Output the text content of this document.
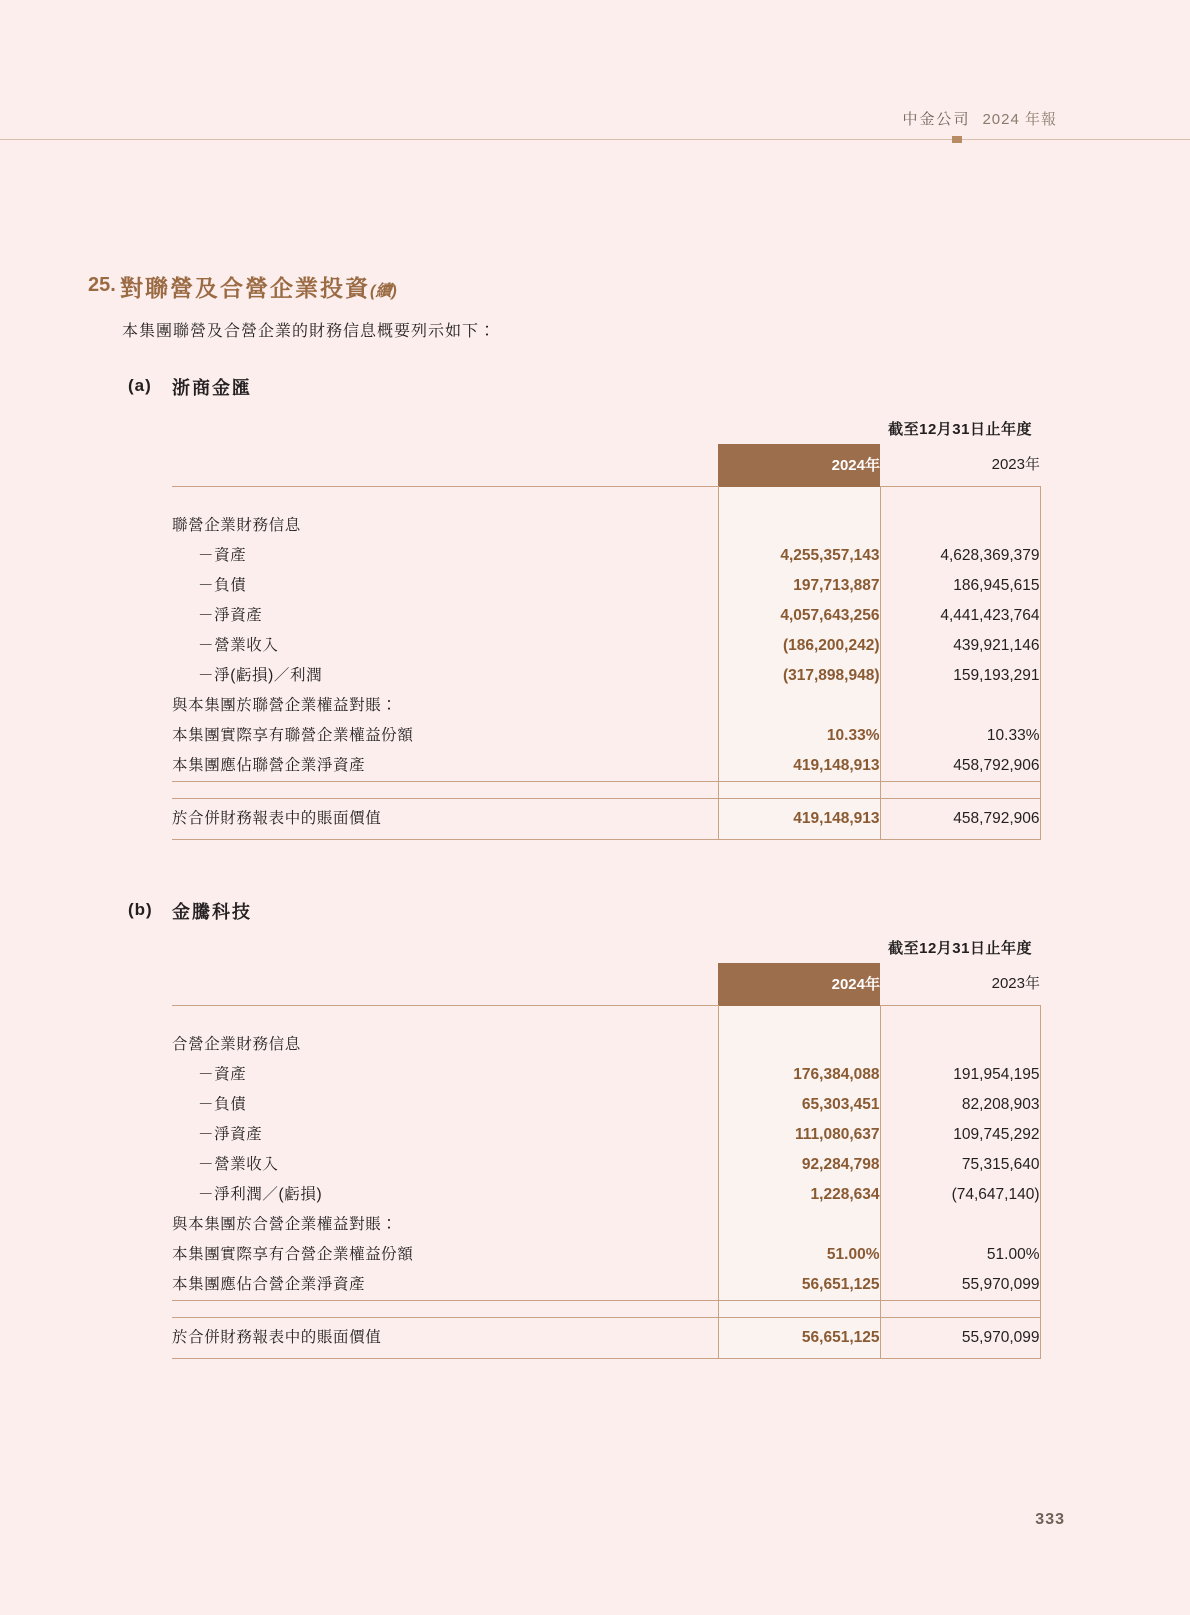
中金公司 2024 年報
25. 對聯營及合營企業投資(續)
本集團聯營及合營企業的財務信息概要列示如下：
(a) 浙商金匯
截至12月31日止年度
	2024年	2023年

聯營企業財務信息		
－資產	4,255,357,143	4,628,369,379
－負債	197,713,887	186,945,615
－淨資產	4,057,643,256	4,441,423,764
－營業收入	(186,200,242)	439,921,146
－淨(虧損)／利潤	(317,898,948)	159,193,291
與本集團於聯營企業權益對賬：		
本集團實際享有聯營企業權益份額	10.33%	10.33%
本集團應佔聯營企業淨資產	419,148,913	458,792,906

於合併財務報表中的賬面價值	419,148,913	458,792,906
(b) 金騰科技
截至12月31日止年度
	2024年	2023年

合營企業財務信息		
－資產	176,384,088	191,954,195
－負債	65,303,451	82,208,903
－淨資產	111,080,637	109,745,292
－營業收入	92,284,798	75,315,640
－淨利潤／(虧損)	1,228,634	(74,647,140)
與本集團於合營企業權益對賬：		
本集團實際享有合營企業權益份額	51.00%	51.00%
本集團應佔合營企業淨資產	56,651,125	55,970,099

於合併財務報表中的賬面價值	56,651,125	55,970,099
333
